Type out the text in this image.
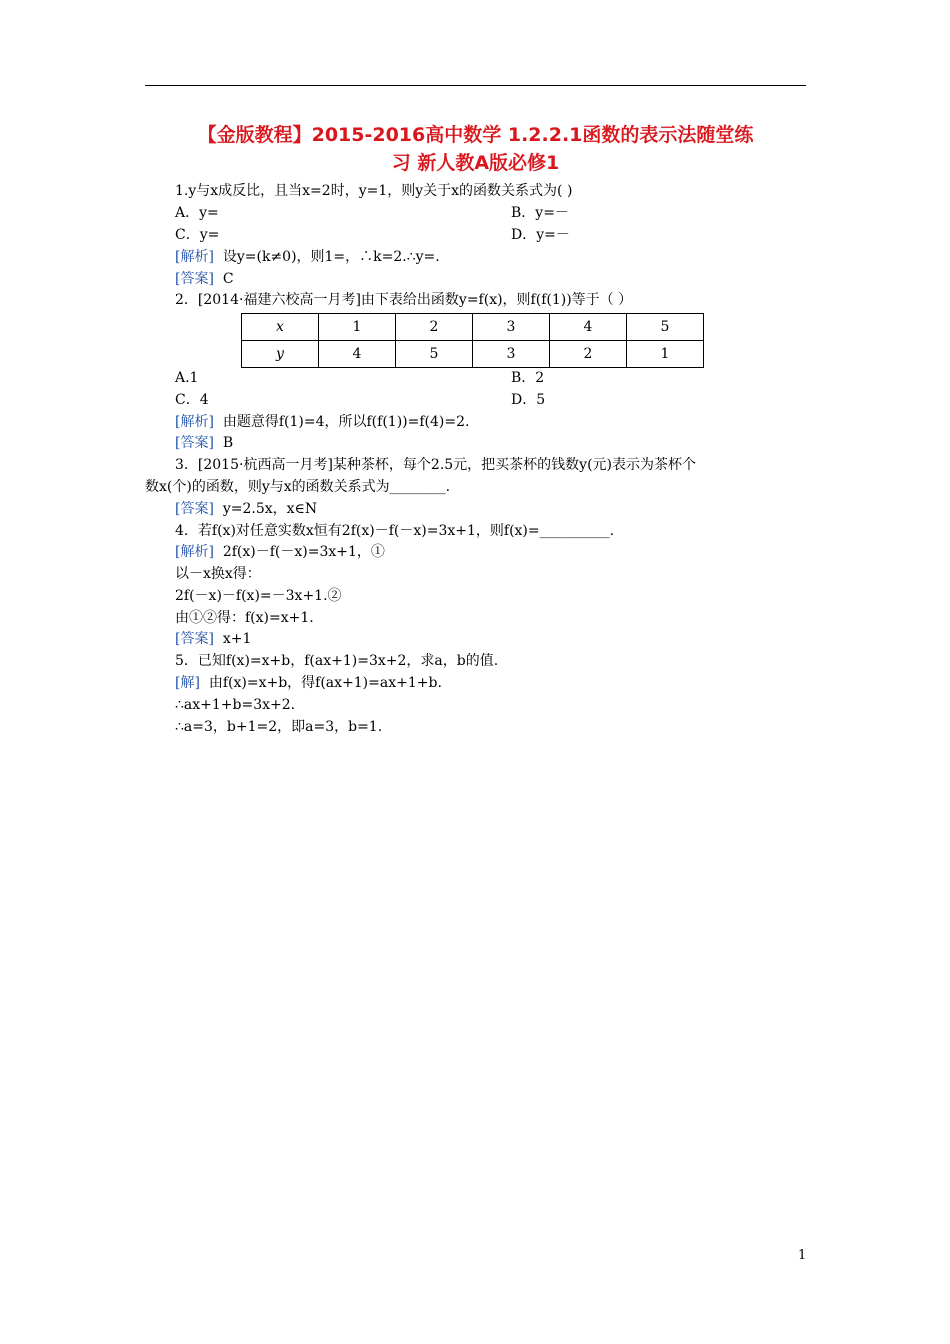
【金版教程】2015-2016高中数学 1.2.2.1函数的表示法随堂练
习 新人教A版必修1
1.y与x成反比，且当x=2时，y=1，则y关于x的函数关系式为( )
A．y=	B．y=－
C．y=	D．y=－
[解析] 设y=(k≠0)，则1=，∴k=2.∴y=.
[答案] C
2．[2014·福建六校高一月考]由下表给出函数y=f(x)，则f(f(1))等于（ ）
x	1	2	3	4	5
y	4	5	3	2	1
A.1	B．2
C．4	D．5
[解析] 由题意得f(1)=4，所以f(f(1))=f(4)=2.
[答案] B
3．[2015·杭西高一月考]某种茶杯，每个2.5元，把买茶杯的钱数y(元)表示为茶杯个
数x(个)的函数，则y与x的函数关系式为________.
[答案] y=2.5x，x∈N
4．若f(x)对任意实数x恒有2f(x)－f(－x)=3x+1，则f(x)=__________.
[解析] 2f(x)－f(－x)=3x+1，①
以－x换x得：
2f(－x)－f(x)=－3x+1.②
由①②得：f(x)=x+1.
[答案] x+1
5．已知f(x)=x+b，f(ax+1)=3x+2，求a，b的值.
[解] 由f(x)=x+b，得f(ax+1)=ax+1+b.
∴ax+1+b=3x+2.
∴a=3，b+1=2，即a=3，b=1.
1
